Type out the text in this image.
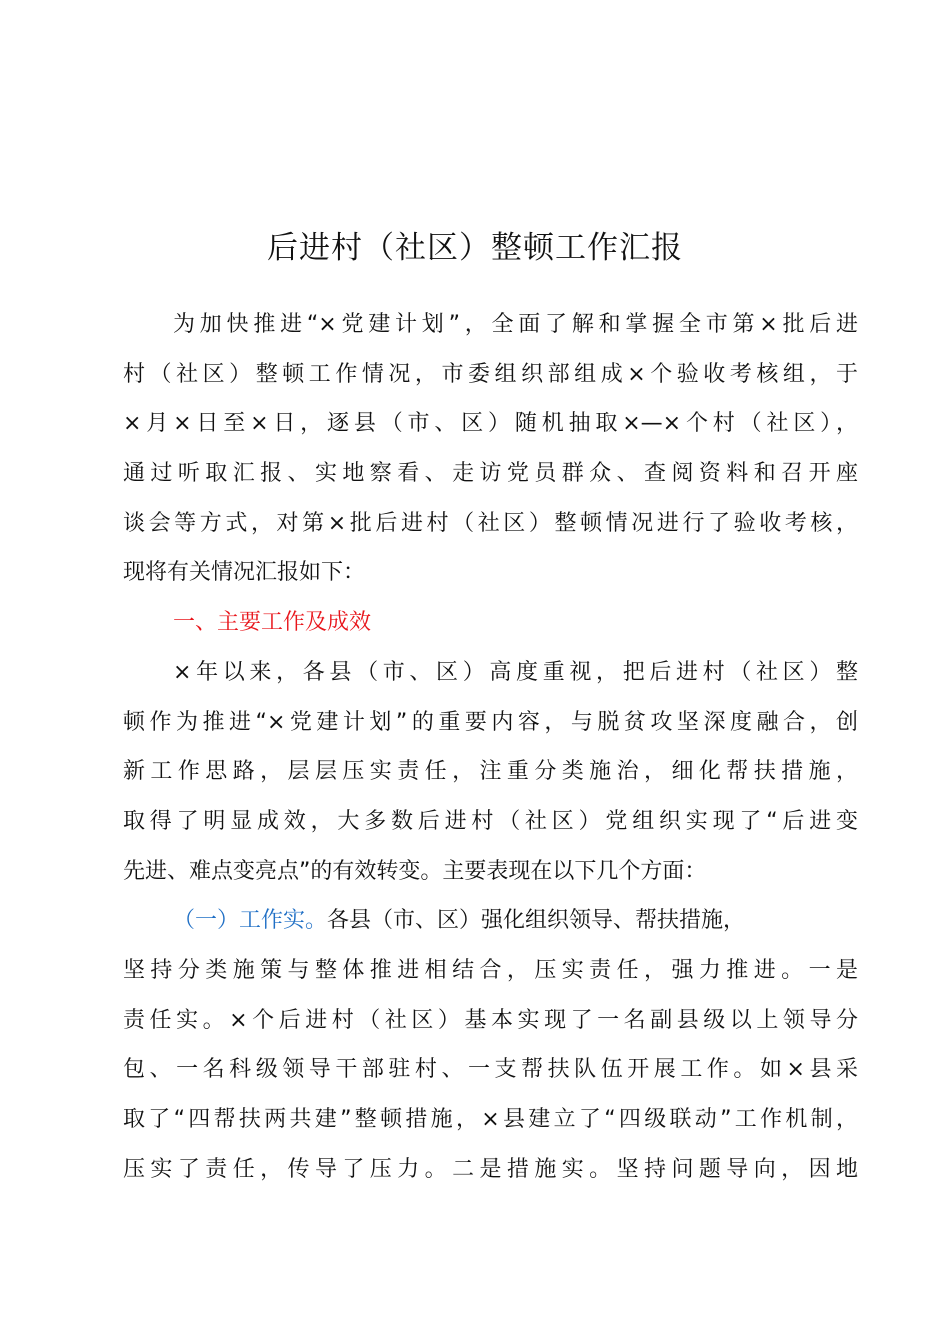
后进村（社区）整顿工作汇报
为加快推进“×党建计划”，全面了解和掌握全市第×批后进
村（社区）整顿工作情况，市委组织部组成×个验收考核组，于
×月×日至×日，逐县（市、区）随机抽取×—×个村（社区），
通过听取汇报、实地察看、走访党员群众、查阅资料和召开座
谈会等方式，对第×批后进村（社区）整顿情况进行了验收考核，
现将有关情况汇报如下：
一、主要工作及成效
×年以来，各县（市、区）高度重视，把后进村（社区）整
顿作为推进“×党建计划”的重要内容，与脱贫攻坚深度融合，创
新工作思路，层层压实责任，注重分类施治，细化帮扶措施，
取得了明显成效，大多数后进村（社区）党组织实现了“后进变
先进、难点变亮点”的有效转变。主要表现在以下几个方面：
（一）工作实。各县（市、区）强化组织领导、帮扶措施，
坚持分类施策与整体推进相结合，压实责任，强力推进。一是
责任实。×个后进村（社区）基本实现了一名副县级以上领导分
包、一名科级领导干部驻村、一支帮扶队伍开展工作。如×县采
取了“四帮扶两共建”整顿措施，×县建立了“四级联动”工作机制，
压实了责任，传导了压力。二是措施实。坚持问题导向，因地
